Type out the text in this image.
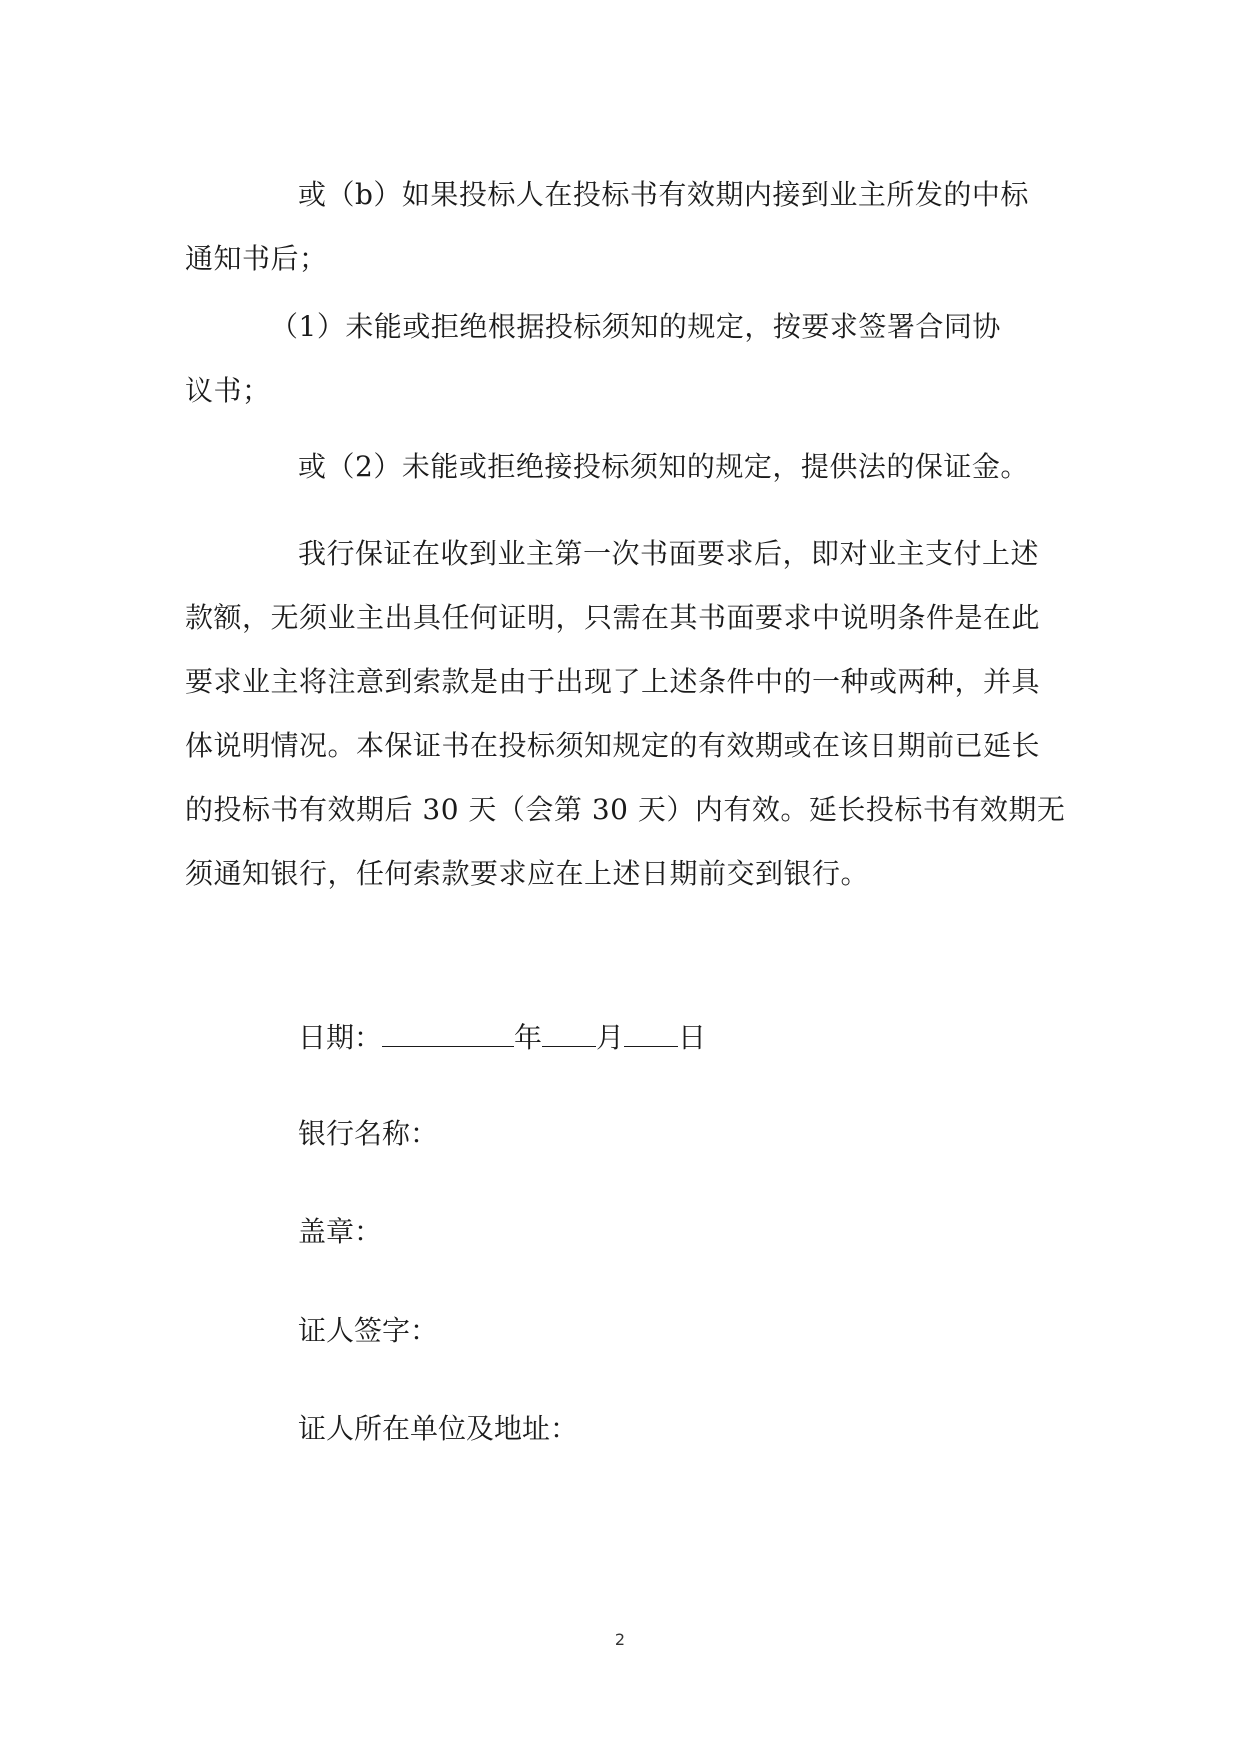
或（b）如果投标人在投标书有效期内接到业主所发的中标
通知书后；
（1）未能或拒绝根据投标须知的规定，按要求签署合同协
议书；
或（2）未能或拒绝接投标须知的规定，提供法的保证金。
我行保证在收到业主第一次书面要求后，即对业主支付上述
款额，无须业主出具任何证明，只需在其书面要求中说明条件是在此
要求业主将注意到索款是由于出现了上述条件中的一种或两种，并具
体说明情况。本保证书在投标须知规定的有效期或在该日期前已延长
的投标书有效期后 30 天（会第 30 天）内有效。延长投标书有效期无
须通知银行，任何索款要求应在上述日期前交到银行。
日期：	年 月 日
银行名称：
盖章：
证人签字：
证人所在单位及地址：
2
